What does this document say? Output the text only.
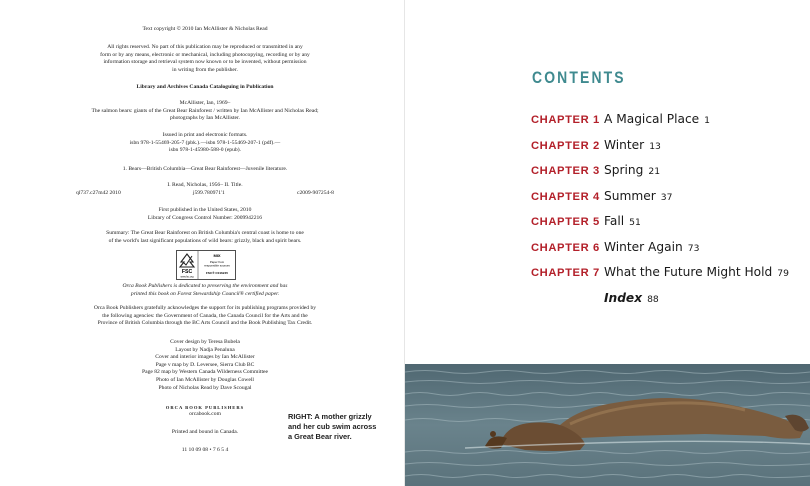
Text copyright © 2010 Ian McAllister & Nicholas Read
All rights reserved. No part of this publication may be reproduced or transmitted in any
form or by any means, electronic or mechanical, including photocopying, recording or by any
information storage and retrieval system now known or to be invented, without permission
in writing from the publisher.
Library and Archives Canada Cataloguing in Publication
McAllister, Ian, 1969–
The salmon bears: giants of the Great Bear Rainforest / written by Ian McAllister and Nicholas Read;
photographs by Ian McAllister.
Issued in print and electronic formats.
isbn 978-1-55469-205-7 (pbk.).—isbn 978-1-55469-207-1 (pdf).—
isbn 978-1-45980-588-0 (epub).
1. Bears—British Columbia—Great Bear Rainforest—Juvenile literature.
I. Read, Nicholas, 1956– II. Title.
ql737.c27m42 2010	j599.780971'1	c2009-907254-8
First published in the United States, 2010
Library of Congress Control Number: 2009942216
Summary: The Great Bear Rainforest on British Columbia's central coast is home to one
of the world's last significant populations of wild bears: grizzly, black and spirit bears.
FSC
www.fsc.org
MIX
Paper from
responsible sources
FSC® C016245
Orca Book Publishers is dedicated to preserving the environment and has
printed this book on Forest Stewardship Council® certified paper.
Orca Book Publishers gratefully acknowledges the support for its publishing programs provided by
the following agencies: the Government of Canada, the Canada Council for the Arts and the
Province of British Columbia through the BC Arts Council and the Book Publishing Tax Credit.
Cover design by Teresa Bubela
Layout by Nadja Penaluna
Cover and interior images by Ian McAllister
Page v map by D. Leversee, Sierra Club BC
Page 82 map by Western Canada Wilderness Committee
Photo of Ian McAllister by Douglas Cowell
Photo of Nicholas Read by Dave Scougal
ORCA BOOK PUBLISHERS
orcabook.com
Printed and bound in Canada.
11 10 09 08 • 7 6 5 4
RIGHT: A mother grizzly
and her cub swim across
a Great Bear river.
CONTENTS
CHAPTER 1 A Magical Place 1
CHAPTER 2 Winter 13
CHAPTER 3 Spring 21
CHAPTER 4 Summer 37
CHAPTER 5 Fall 51
CHAPTER 6 Winter Again 73
CHAPTER 7 What the Future Might Hold 79
Index 88
